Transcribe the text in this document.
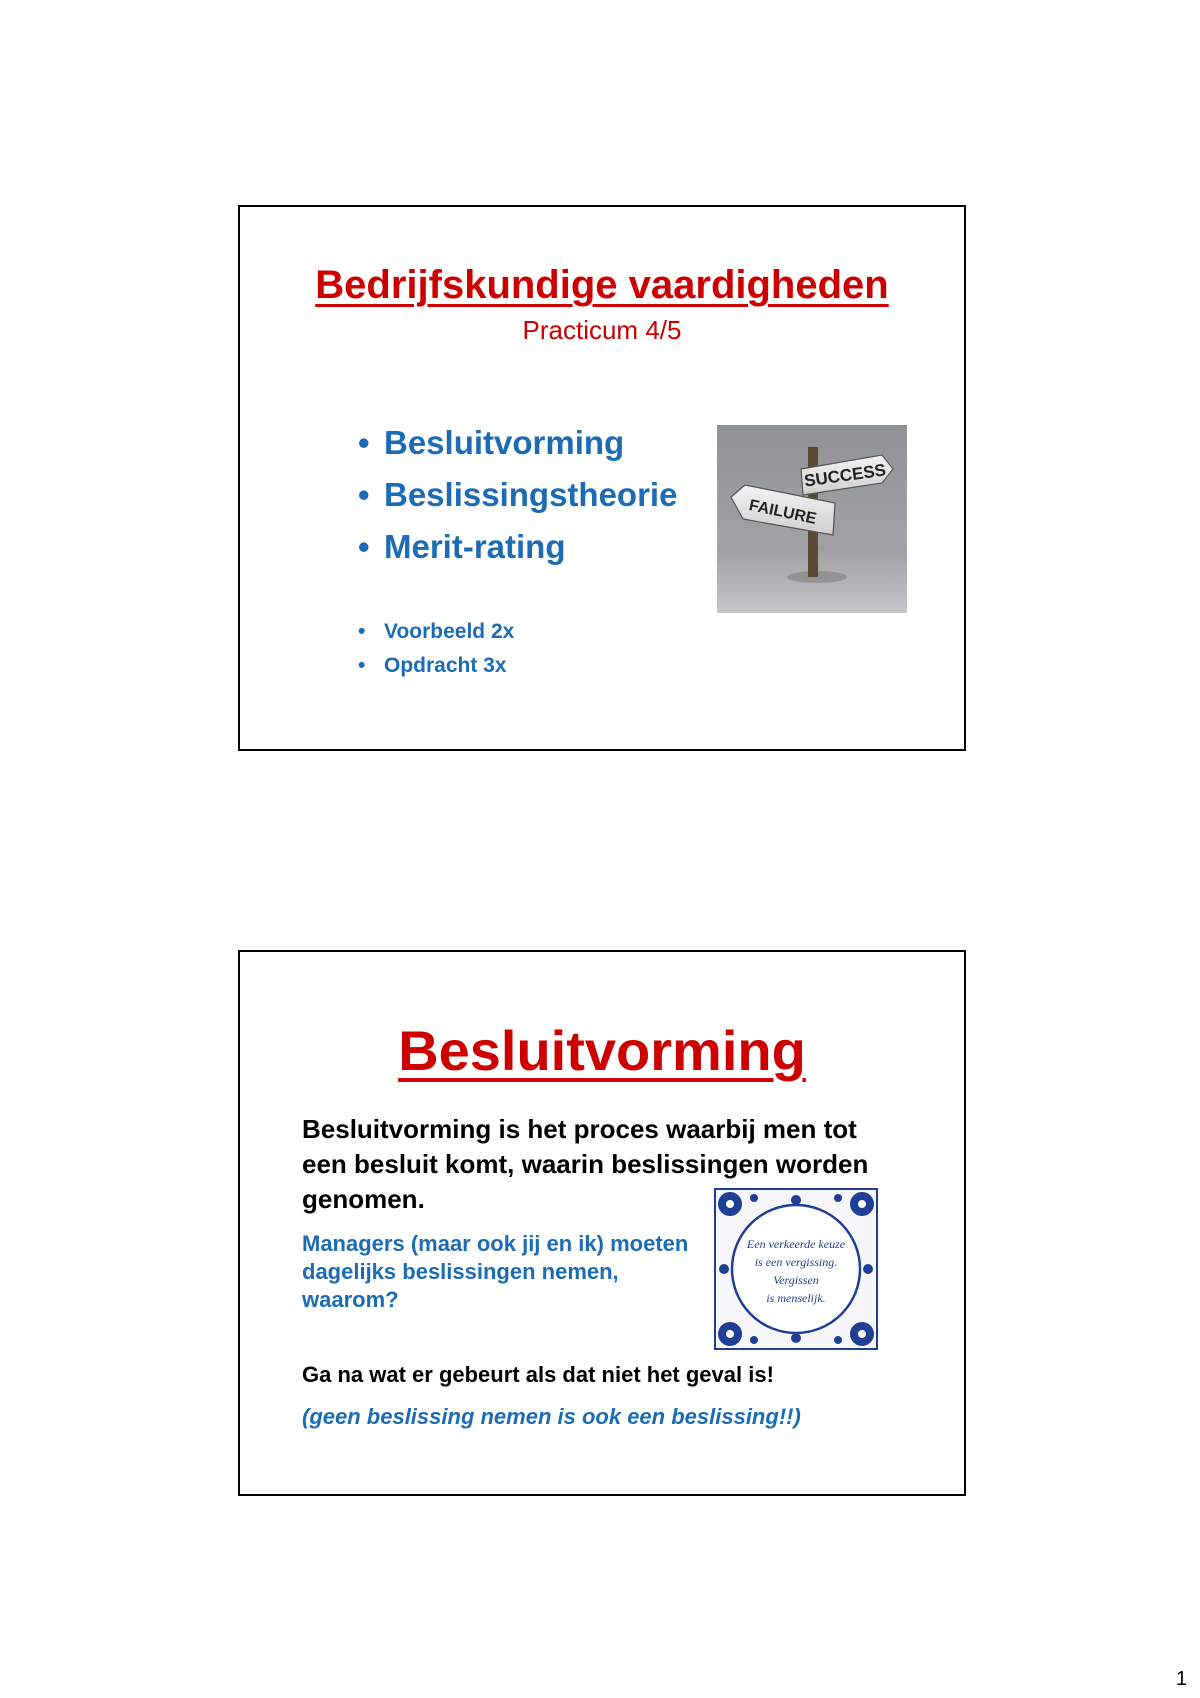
Bedrijfskundige vaardigheden
Practicum 4/5
• Besluitvorming
• Beslissingstheorie
• Merit-rating
• Voorbeeld 2x
• Opdracht 3x
SUCCESS
FAILURE
Besluitvorming
Besluitvorming is het proces waarbij men tot een besluit komt, waarin beslissingen worden genomen.
Managers (maar ook jij en ik) moeten dagelijks beslissingen nemen, waarom?
Een verkeerde keuze
is een vergissing.
Vergissen
is menselijk.
Ga na wat er gebeurt als dat niet het geval is!
(geen beslissing nemen is ook een beslissing!!)
1
